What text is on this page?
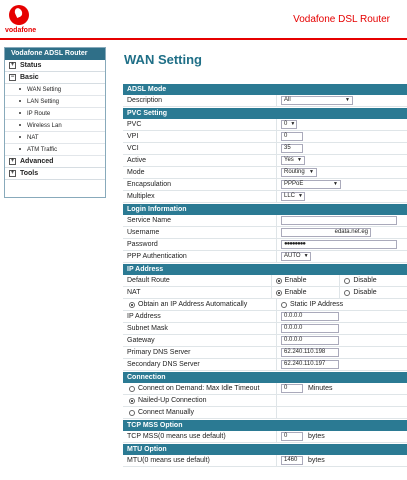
vodafone
Vodafone DSL Router
Vodafone ADSL Router
+ Status
− Basic
WAN Setting
LAN Setting
IP Route
Wireless Lan
NAT
ATM Traffic
+ Advanced
+ Tools
WAN Setting
ADSL Mode
Description	All	▼
PVC Setting
PVC	0 ▼
VPI	0
VCI	35
Active	Yes ▼
Mode	Routing ▼
Encapsulation	PPPoE	▼
Multiplex	LLC ▼
Login Information
Service Name
Username	edata.net.eg
Password	●●●●●●●●
PPP Authentication	AUTO ▼
IP Address
Default Route	Enable	Disable
NAT	Enable	Disable
Obtain an IP Address Automatically	Static IP Address
IP Address	0.0.0.0
Subnet Mask	0.0.0.0
Gateway	0.0.0.0
Primary DNS Server	62.240.110.198
Secondary DNS Server	62.240.110.197
Connection
Connect on Demand: Max Idle Timeout	0	Minutes
Nailed-Up Connection
Connect Manually
TCP MSS Option
TCP MSS(0 means use default)	0	bytes
MTU Option
MTU(0 means use default)	1460	bytes
